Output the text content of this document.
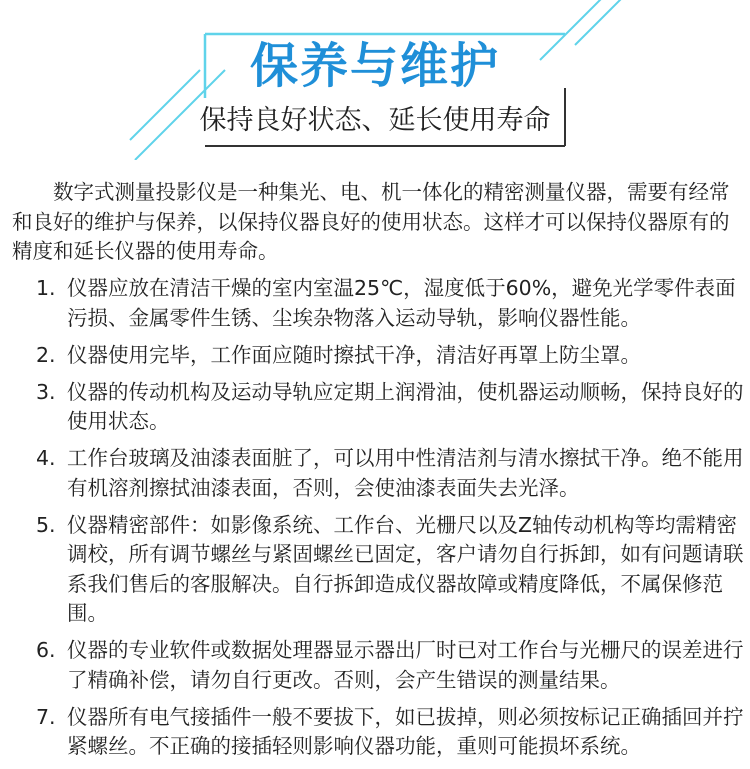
保养与维护
保持良好状态、延长使用寿命

数字式测量投影仪是一种集光、电、机一体化的精密测量仪器，需要有经常和良好的维护与保养，以保持仪器良好的使用状态。这样才可以保持仪器原有的精度和延长仪器的使用寿命。

1. 仪器应放在清洁干燥的室内室温25℃，湿度低于60%，避免光学零件表面污损、金属零件生锈、尘埃杂物落入运动导轨，影响仪器性能。
2. 仪器使用完毕，工作面应随时擦拭干净，清洁好再罩上防尘罩。
3. 仪器的传动机构及运动导轨应定期上润滑油，使机器运动顺畅，保持良好的使用状态。
4. 工作台玻璃及油漆表面脏了，可以用中性清洁剂与清水擦拭干净。绝不能用有机溶剂擦拭油漆表面，否则，会使油漆表面失去光泽。
5. 仪器精密部件：如影像系统、工作台、光栅尺以及Z轴传动机构等均需精密调校，所有调节螺丝与紧固螺丝已固定，客户请勿自行拆卸，如有问题请联系我们售后的客服解决。自行拆卸造成仪器故障或精度降低，不属保修范围。
6. 仪器的专业软件或数据处理器显示器出厂时已对工作台与光栅尺的误差进行了精确补偿，请勿自行更改。否则，会产生错误的测量结果。
7. 仪器所有电气接插件一般不要拔下，如已拔掉，则必须按标记正确插回并拧紧螺丝。不正确的接插轻则影响仪器功能，重则可能损坏系统。
